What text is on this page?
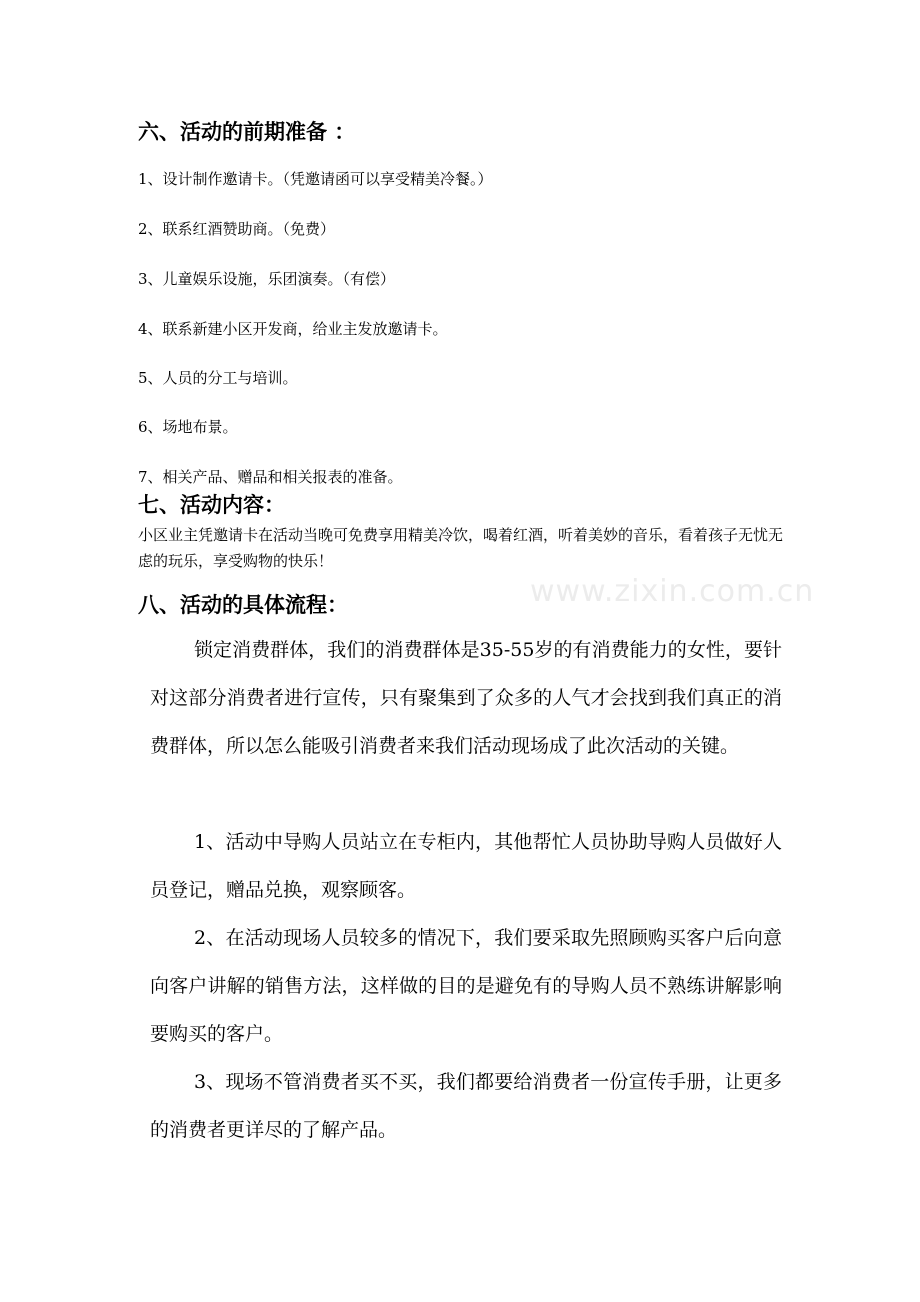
www.zixin.com.cn
六、活动的前期准备 ：
1、设计制作邀请卡。（凭邀请函可以享受精美冷餐。）
2、联系红酒赞助商。（免费）
3、儿童娱乐设施，乐团演奏。（有偿）
4、联系新建小区开发商，给业主发放邀请卡。
5、人员的分工与培训。
6、场地布景。
7、相关产品、赠品和相关报表的准备。
七、活动内容：
小区业主凭邀请卡在活动当晚可免费享用精美冷饮，喝着红酒，听着美妙的音乐，看着孩子无忧无虑的玩乐，享受购物的快乐！
八、活动的具体流程：
锁定消费群体，我们的消费群体是35-55岁的有消费能力的女性，要针对这部分消费者进行宣传，只有聚集到了众多的人气才会找到我们真正的消费群体，所以怎么能吸引消费者来我们活动现场成了此次活动的关键。
1、活动中导购人员站立在专柜内，其他帮忙人员协助导购人员做好人员登记，赠品兑换，观察顾客。
2、在活动现场人员较多的情况下，我们要采取先照顾购买客户后向意向客户讲解的销售方法，这样做的目的是避免有的导购人员不熟练讲解影响要购买的客户。
3、现场不管消费者买不买，我们都要给消费者一份宣传手册，让更多的消费者更详尽的了解产品。
